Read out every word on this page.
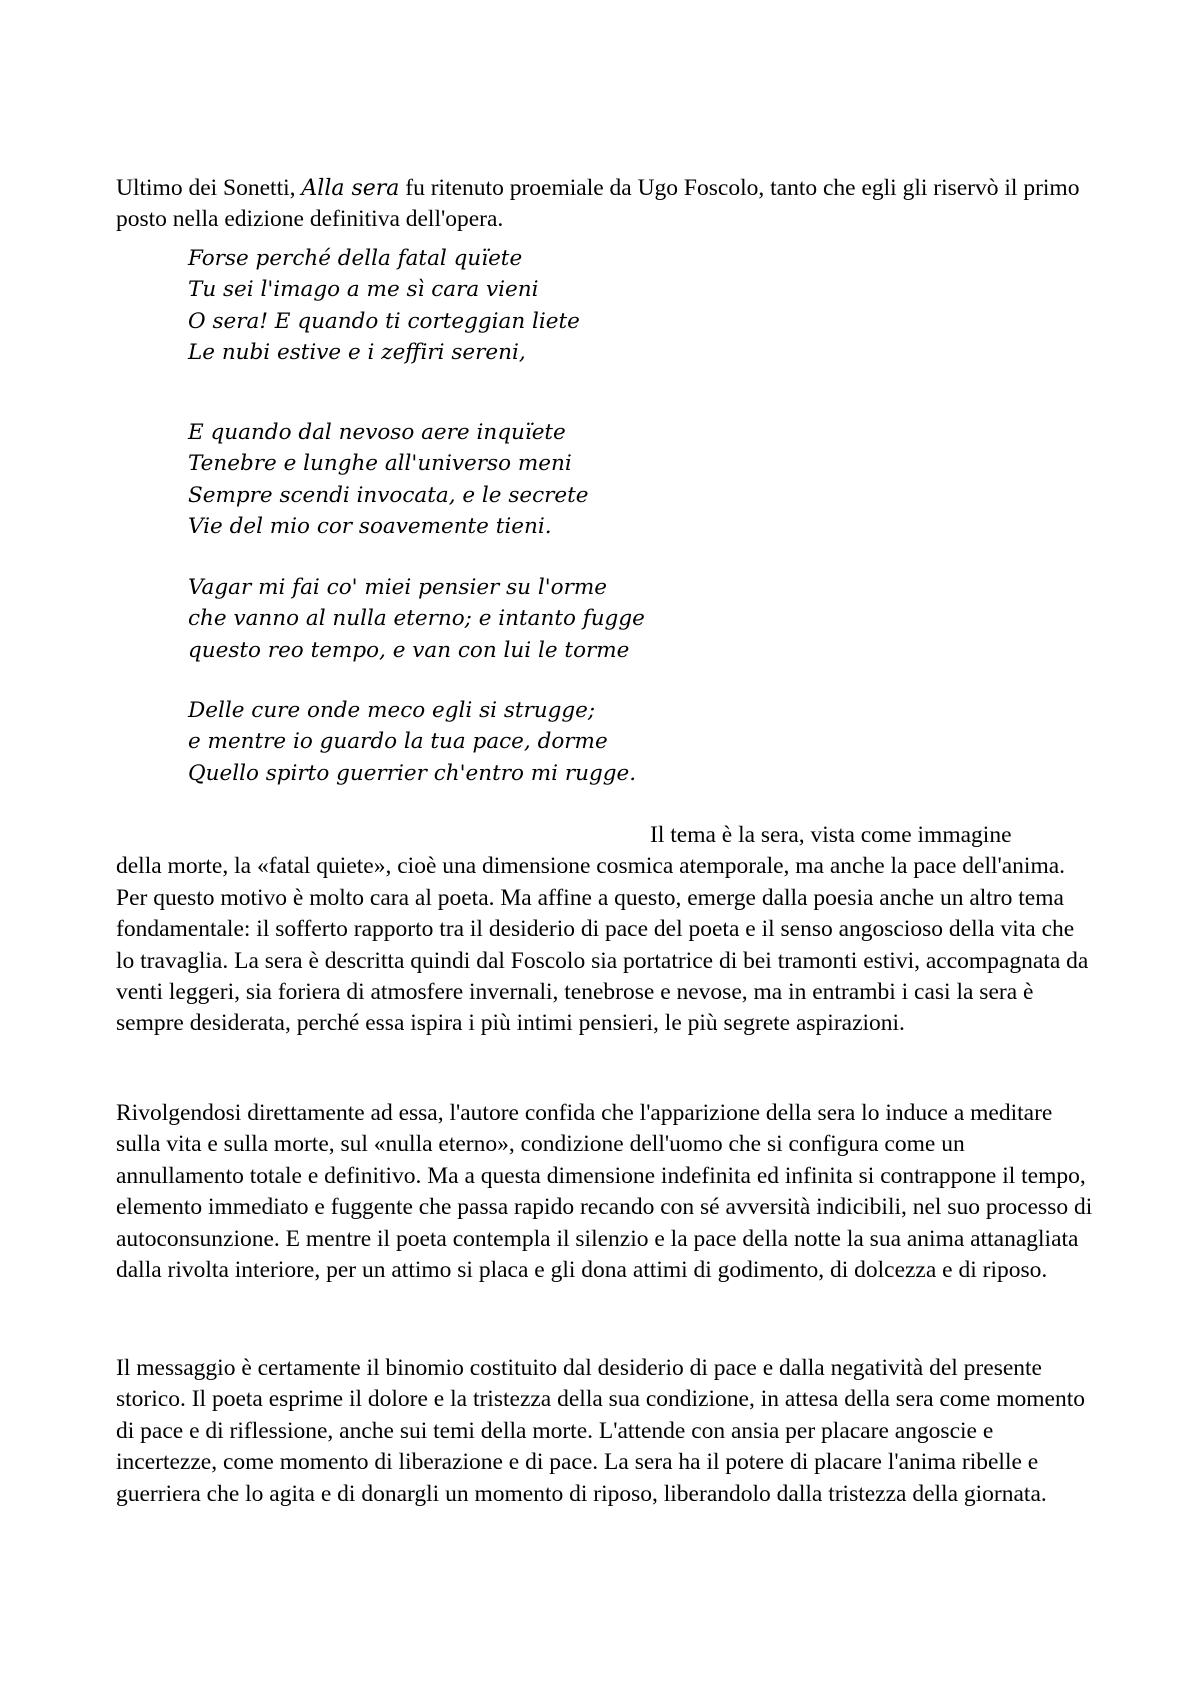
Ultimo dei Sonetti, Alla sera fu ritenuto proemiale da Ugo Foscolo, tanto che egli gli riservò il primo posto nella edizione definitiva dell'opera.

Forse perché della fatal quïete
Tu sei l'imago a me sì cara vieni
O sera! E quando ti corteggian liete
Le nubi estive e i zeffiri sereni,
E quando dal nevoso aere inquïete
Tenebre e lunghe all'universo meni
Sempre scendi invocata, e le secrete
Vie del mio cor soavemente tieni.
Vagar mi fai co' miei pensier su l'orme
che vanno al nulla eterno; e intanto fugge
questo reo tempo, e van con lui le torme
Delle cure onde meco egli si strugge;
e mentre io guardo la tua pace, dorme
Quello spirto guerrier ch'entro mi rugge.

Il tema è la sera, vista come immagine
della morte, la «fatal quiete», cioè una dimensione cosmica atemporale, ma anche la pace dell'anima. Per questo motivo è molto cara al poeta. Ma affine a questo, emerge dalla poesia anche un altro tema fondamentale: il sofferto rapporto tra il desiderio di pace del poeta e il senso angoscioso della vita che lo travaglia. La sera è descritta quindi dal Foscolo sia portatrice di bei tramonti estivi, accompagnata da venti leggeri, sia foriera di atmosfere invernali, tenebrose e nevose, ma in entrambi i casi la sera è sempre desiderata, perché essa ispira i più intimi pensieri, le più segrete aspirazioni.

Rivolgendosi direttamente ad essa, l'autore confida che l'apparizione della sera lo induce a meditare sulla vita e sulla morte, sul «nulla eterno», condizione dell'uomo che si configura come un annullamento totale e definitivo. Ma a questa dimensione indefinita ed infinita si contrappone il tempo, elemento immediato e fuggente che passa rapido recando con sé avversità indicibili, nel suo processo di autoconsunzione. E mentre il poeta contempla il silenzio e la pace della notte la sua anima attanagliata dalla rivolta interiore, per un attimo si placa e gli dona attimi di godimento, di dolcezza e di riposo.

Il messaggio è certamente il binomio costituito dal desiderio di pace e dalla negatività del presente storico. Il poeta esprime il dolore e la tristezza della sua condizione, in attesa della sera come momento di pace e di riflessione, anche sui temi della morte. L'attende con ansia per placare angoscie e incertezze, come momento di liberazione e di pace. La sera ha il potere di placare l'anima ribelle e guerriera che lo agita e di donargli un momento di riposo, liberandolo dalla tristezza della giornata.
